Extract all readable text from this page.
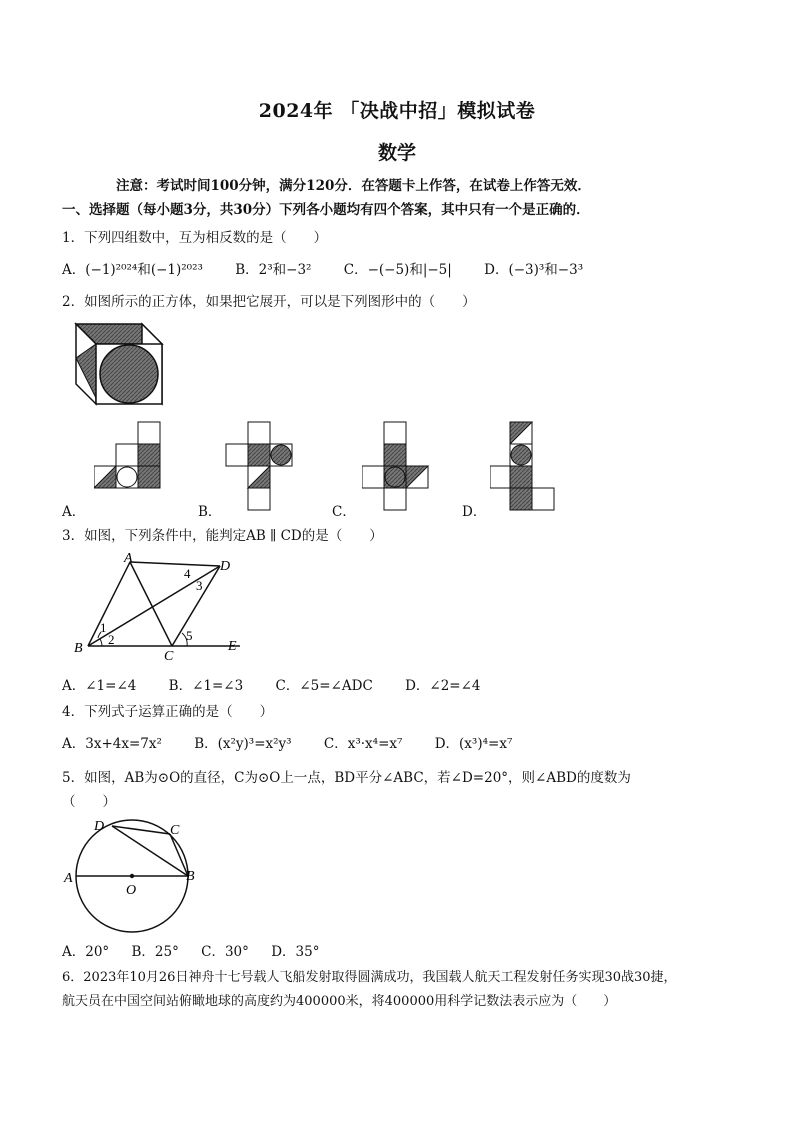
2024年 「决战中招」模拟试卷
数学
注意：考试时间100分钟，满分120分．在答题卡上作答，在试卷上作答无效．
一、选择题（每小题3分，共30分）下列各小题均有四个答案，其中只有一个是正确的．
1．下列四组数中，互为相反数的是（　　）
A．(−1)²⁰²⁴和(−1)²⁰²³ B．2³和−3² C．−(−5)和|−5| D．(−3)³和−3³
2．如图所示的正方体，如果把它展开，可以是下列图形中的（　　）
A．	B．	C．	D．
3．如图，下列条件中，能判定AB ∥ CD的是（　　）
A
D
B
C
E
1
2
3
4
5
A．∠1=∠4 B．∠1=∠3 C．∠5=∠ADC D．∠2=∠4
4．下列式子运算正确的是（　　）
A．3x+4x=7x² B．(x²y)³=x²y³ C．x³·x⁴=x⁷ D．(x³)⁴=x⁷
5．如图，AB为⊙O的直径，C为⊙O上一点，BD平分∠ABC，若∠D=20°，则∠ABD的度数为
（　　）
D	C
A	B
O
A．20° B．25° C．30° D．35°
6．2023年10月26日神舟十七号载人飞船发射取得圆满成功，我国载人航天工程发射任务实现30战30捷，
航天员在中国空间站俯瞰地球的高度约为400000米，将400000用科学记数法表示应为（　　）
